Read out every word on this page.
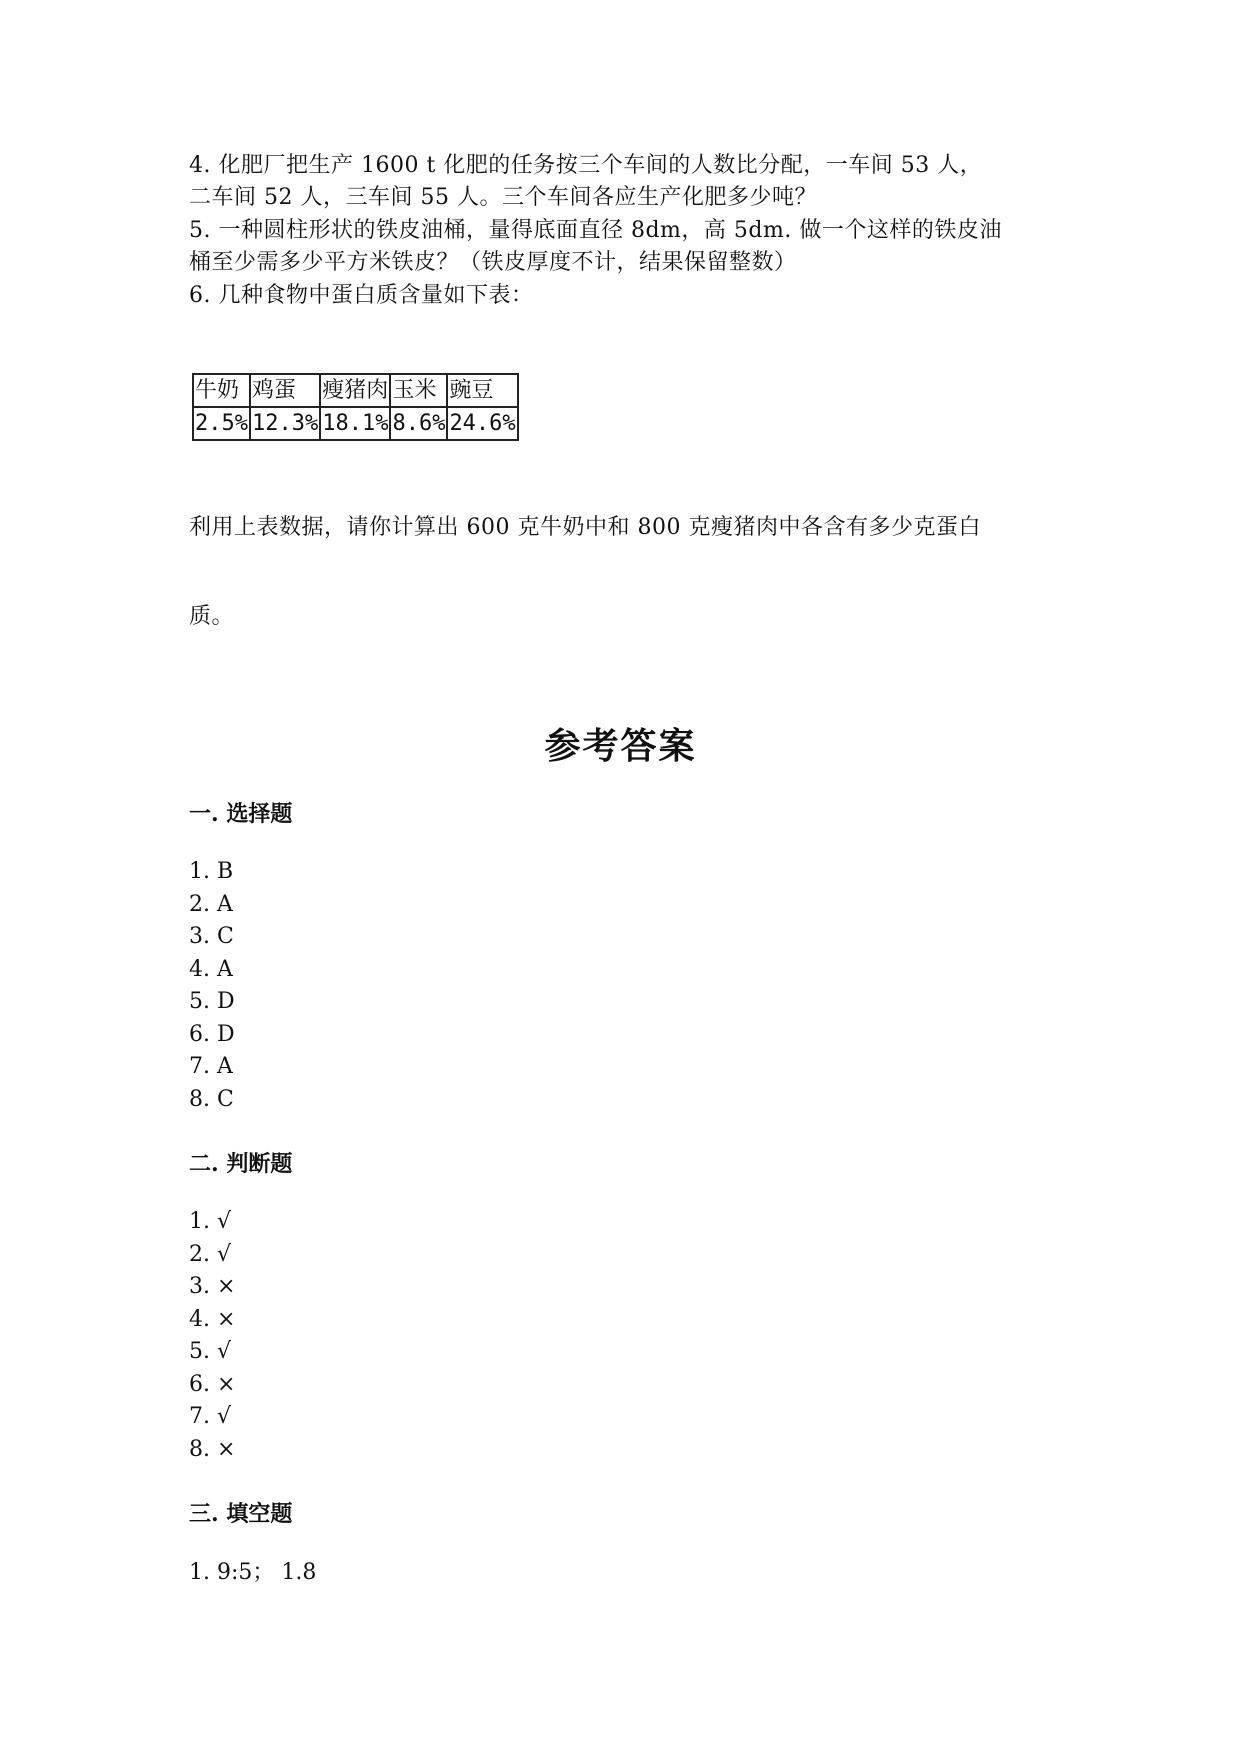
4. 化肥厂把生产 1600 t 化肥的任务按三个车间的人数比分配，一车间 53 人，
二车间 52 人，三车间 55 人。三个车间各应生产化肥多少吨？
5. 一种圆柱形状的铁皮油桶，量得底面直径 8dm，高 5dm. 做一个这样的铁皮油
桶至少需多少平方米铁皮？（铁皮厚度不计，结果保留整数）
6. 几种食物中蛋白质含量如下表：
牛奶	鸡蛋	瘦猪肉	玉米	豌豆
2.5%	12.3%	18.1%	8.6%	24.6%
利用上表数据，请你计算出 600 克牛奶中和 800 克瘦猪肉中各含有多少克蛋白
质。
参考答案
一. 选择题
1. B
2. A
3. C
4. A
5. D
6. D
7. A
8. C
二. 判断题
1. √
2. √
3. ×
4. ×
5. √
6. ×
7. √
8. ×
三. 填空题
1. 9:5； 1.8
